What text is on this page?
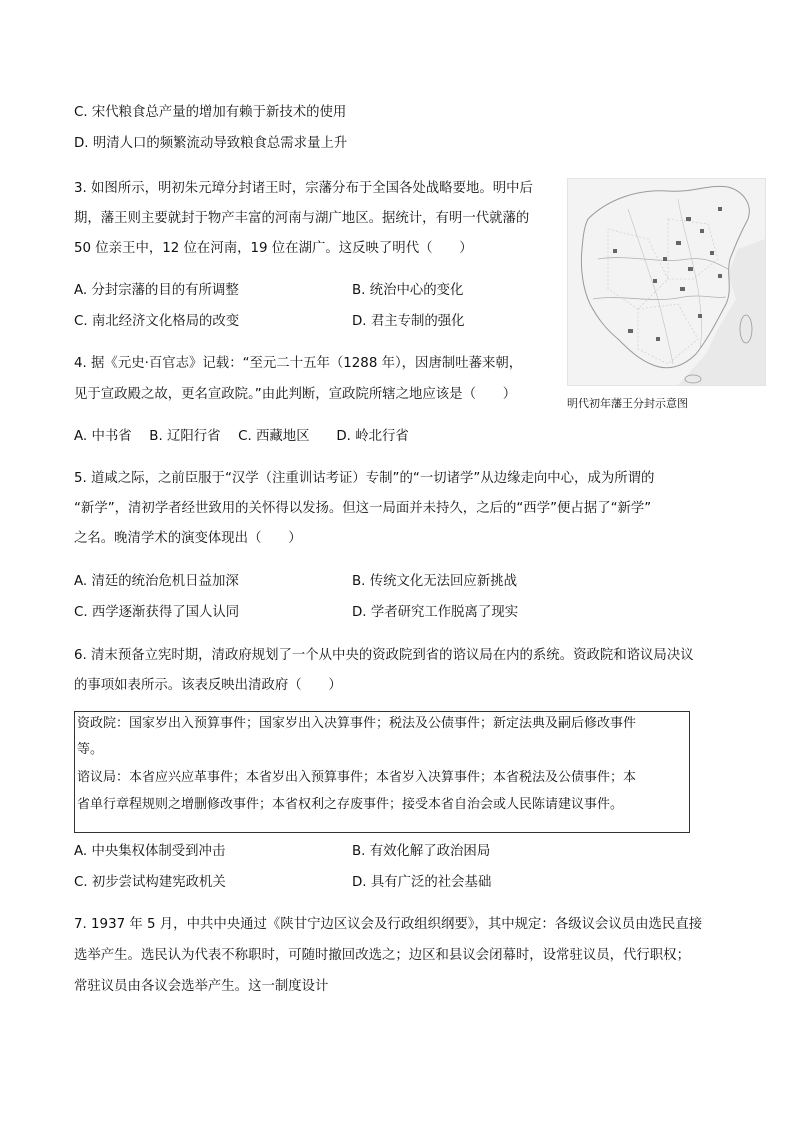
C. 宋代粮食总产量的增加有赖于新技术的使用
D. 明清人口的频繁流动导致粮食总需求量上升
3. 如图所示，明初朱元璋分封诸王时，宗藩分布于全国各处战略要地。明中后
期，藩王则主要就封于物产丰富的河南与湖广地区。据统计，有明一代就藩的
50 位亲王中，12 位在河南，19 位在湖广。这反映了明代（　　）
A. 分封宗藩的目的有所调整	B. 统治中心的变化
C. 南北经济文化格局的改变	D. 君主专制的强化
明代初年藩王分封示意图
4. 据《元史·百官志》记载：“至元二十五年（1288 年），因唐制吐蕃来朝，
见于宣政殿之故，更名宣政院。”由此判断，宣政院所辖之地应该是（　　）
A. 中书省　 B. 辽阳行省　 C. 西藏地区　　D. 岭北行省
5. 道咸之际，之前臣服于“汉学（注重训诂考证）专制”的“一切诸学”从边缘走向中心，成为所谓的
“新学”，清初学者经世致用的关怀得以发扬。但这一局面并未持久，之后的“西学”便占据了“新学”
之名。晚清学术的演变体现出（　　）
A. 清廷的统治危机日益加深	B. 传统文化无法回应新挑战
C. 西学逐渐获得了国人认同	D. 学者研究工作脱离了现实
6. 清末预备立宪时期，清政府规划了一个从中央的资政院到省的谘议局在内的系统。资政院和谘议局决议
的事项如表所示。该表反映出清政府（　　）
资政院：国家岁出入预算事件；国家岁出入决算事件；税法及公债事件；新定法典及嗣后修改事件
等。
谘议局：本省应兴应革事件；本省岁出入预算事件；本省岁入决算事件；本省税法及公债事件；本
省单行章程规则之增删修改事件；本省权利之存废事件；接受本省自治会或人民陈请建议事件。
A. 中央集权体制受到冲击	B. 有效化解了政治困局
C. 初步尝试构建宪政机关	D. 具有广泛的社会基础
7. 1937 年 5 月，中共中央通过《陕甘宁边区议会及行政组织纲要》，其中规定：各级议会议员由选民直接
选举产生。选民认为代表不称职时，可随时撤回改选之；边区和县议会闭幕时，设常驻议员，代行职权；
常驻议员由各议会选举产生。这一制度设计
